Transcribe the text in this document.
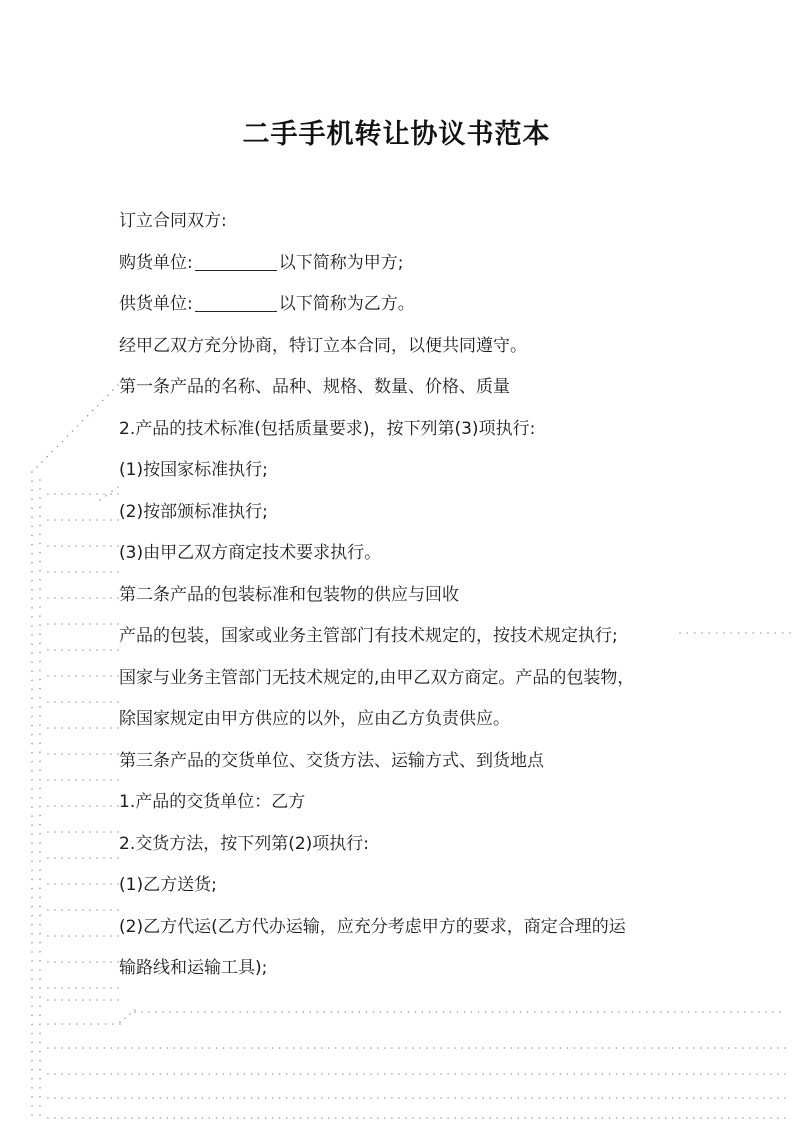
二手手机转让协议书范本
订立合同双方:
购货单位:	以下简称为甲方;
供货单位:	以下简称为乙方。
经甲乙双方充分协商，特订立本合同，以便共同遵守。
第一条产品的名称、品种、规格、数量、价格、质量
2.产品的技术标准(包括质量要求)，按下列第(3)项执行:
(1)按国家标准执行;
(2)按部颁标准执行;
(3)由甲乙双方商定技术要求执行。
第二条产品的包装标准和包装物的供应与回收
产品的包装，国家或业务主管部门有技术规定的，按技术规定执行;
国家与业务主管部门无技术规定的,由甲乙双方商定。产品的包装物，
除国家规定由甲方供应的以外，应由乙方负责供应。
第三条产品的交货单位、交货方法、运输方式、到货地点
1.产品的交货单位：乙方
2.交货方法，按下列第(2)项执行:
(1)乙方送货;
(2)乙方代运(乙方代办运输，应充分考虑甲方的要求，商定合理的运
输路线和运输工具);
